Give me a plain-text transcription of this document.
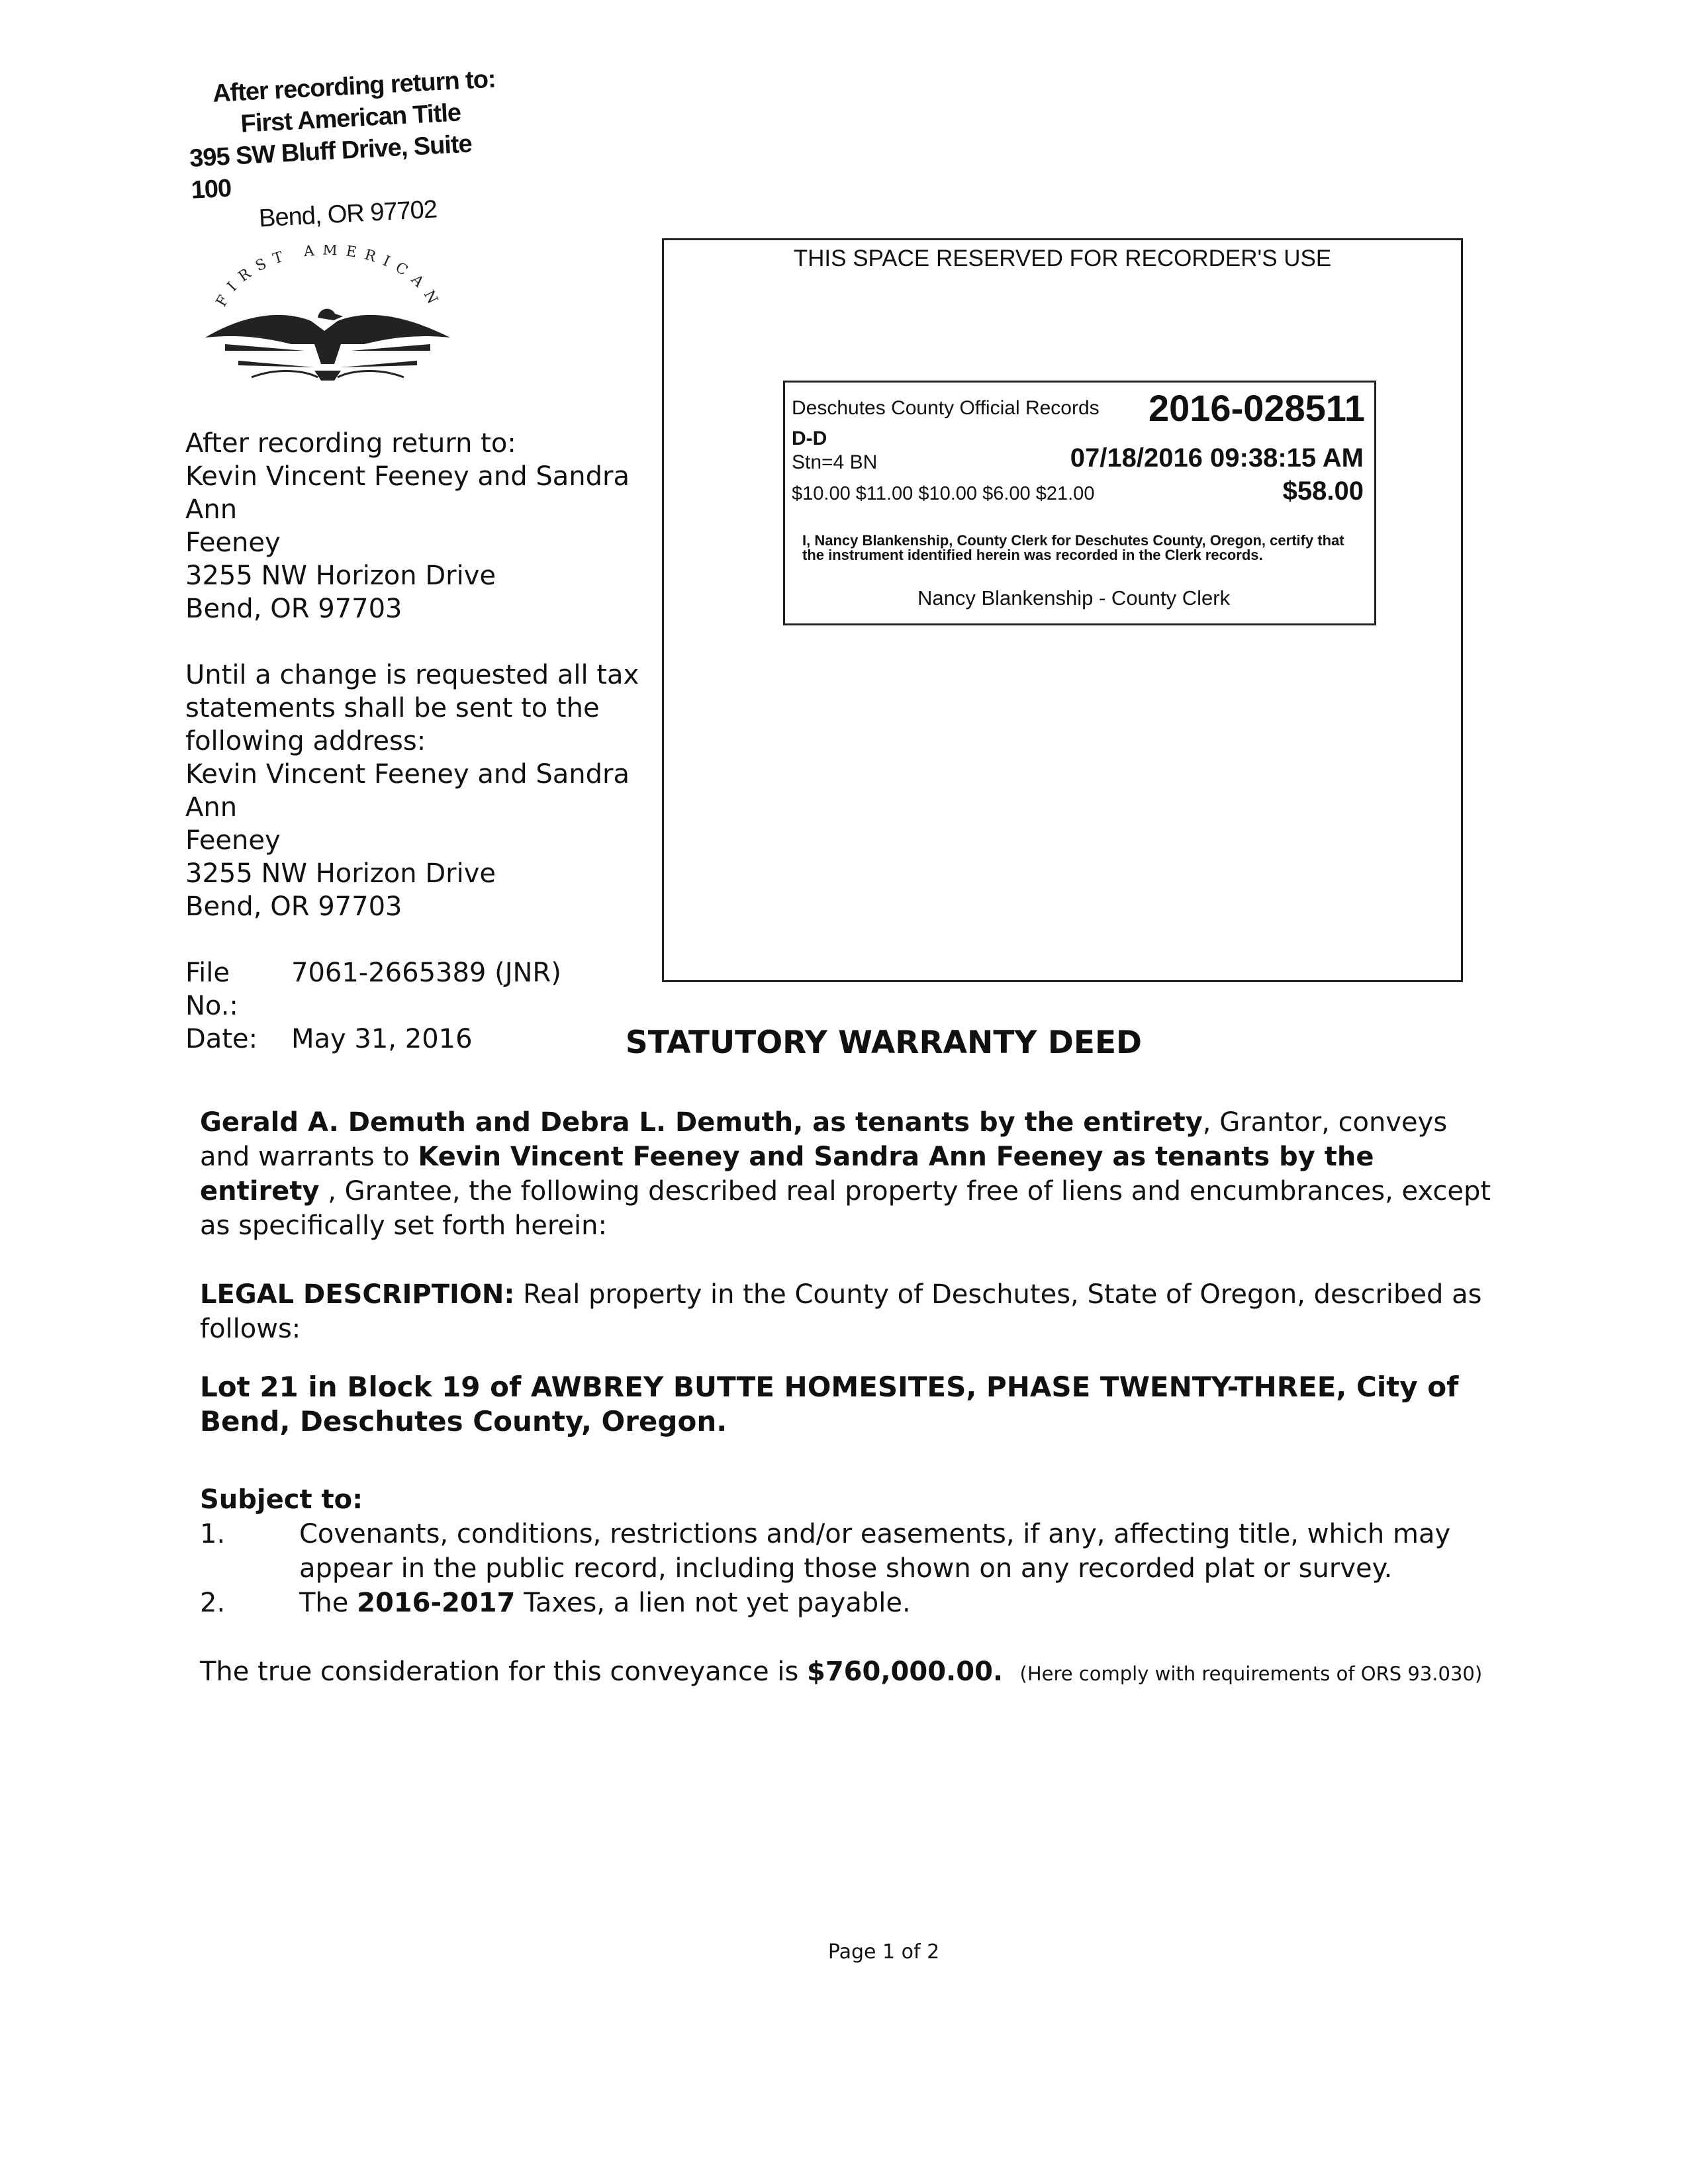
After recording return to:
First American Title
395 SW Bluff Drive, Suite 100
Bend, OR 97702
FIRST AMERICAN

After recording return to:

Kevin Vincent Feeney and Sandra Ann

Feeney

3255 NW Horizon Drive

Bend, OR 97703

Until a change is requested all tax

statements shall be sent to the

following address:

Kevin Vincent Feeney and Sandra Ann

Feeney

3255 NW Horizon Drive

Bend, OR 97703

File No.:
7061-2665389 (JNR)
Date:	May 31, 2016
THIS SPACE RESERVED FOR RECORDER'S USE
Deschutes County Official Records 2016-028511
D-D
Stn=4 BN	07/18/2016 09:38:15 AM
$10.00 $11.00 $10.00 $6.00 $21.00	$58.00
I, Nancy Blankenship, County Clerk for Deschutes County, Oregon, certify that the instrument identified herein was recorded in the Clerk records.
Nancy Blankenship - County Clerk
STATUTORY WARRANTY DEED

Gerald A. Demuth and Debra L. Demuth, as tenants by the entirety, Grantor, conveys and warrants to Kevin Vincent Feeney and Sandra Ann Feeney as tenants by the entirety , Grantee, the following described real property free of liens and encumbrances, except as specifically set forth herein:

LEGAL DESCRIPTION: Real property in the County of Deschutes, State of Oregon, described as follows:

Lot 21 in Block 19 of AWBREY BUTTE HOMESITES, PHASE TWENTY-THREE, City of Bend, Deschutes County, Oregon.

Subject to:

1.	Covenants, conditions, restrictions and/or easements, if any, affecting title, which may appear in the public record, including those shown on any recorded plat or survey.
2.	The 2016-2017 Taxes, a lien not yet payable.

The true consideration for this conveyance is $760,000.00. (Here comply with requirements of ORS 93.030)

Page 1 of 2
